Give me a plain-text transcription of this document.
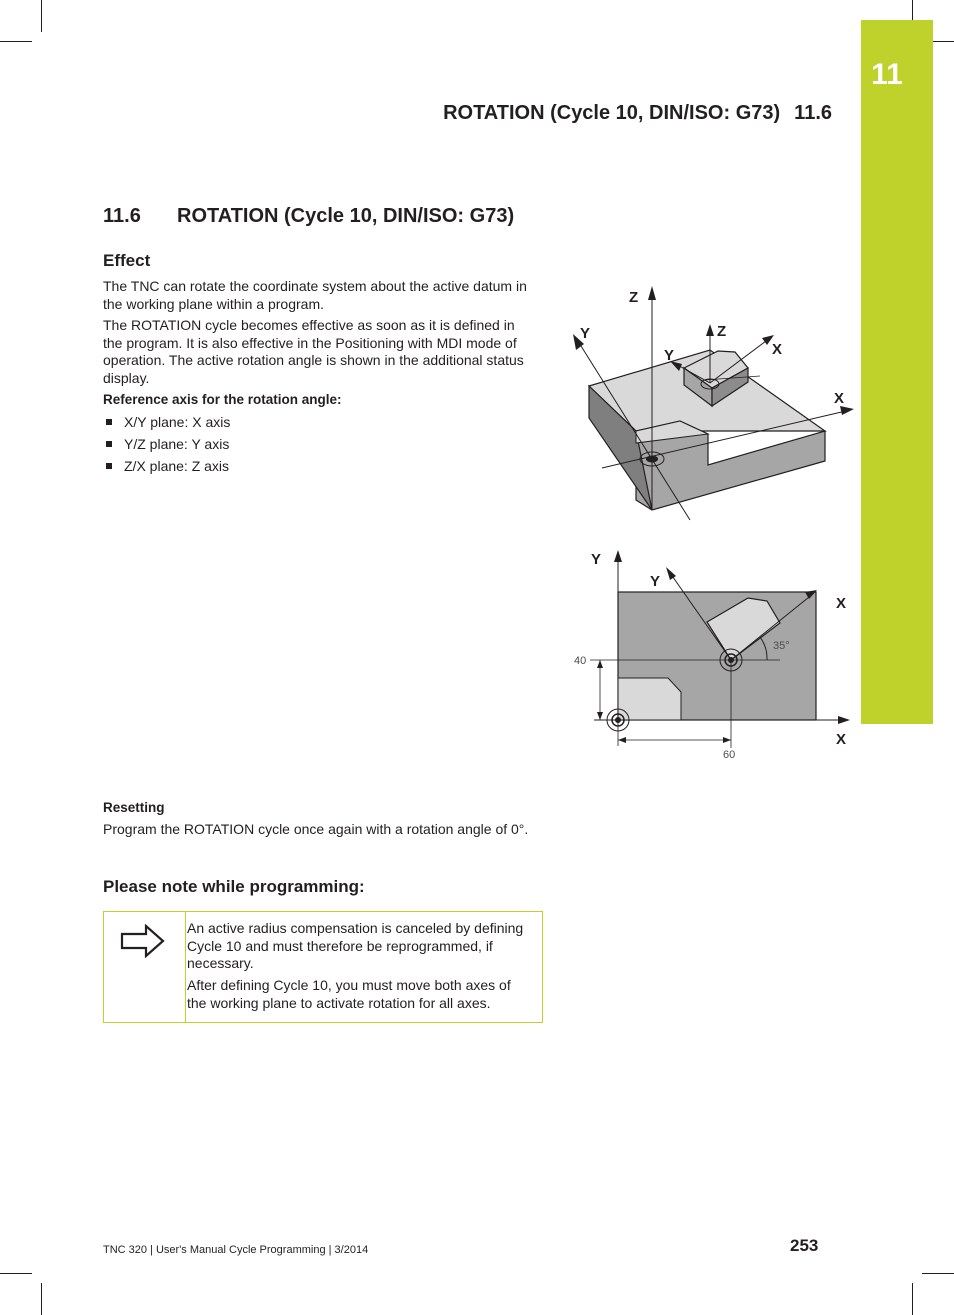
11
ROTATION (Cycle 10, DIN/ISO: G73) 11.6
11.6 ROTATION (Cycle 10, DIN/ISO: G73)
Effect
The TNC can rotate the coordinate system about the active datum in the working plane within a program.
The ROTATION cycle becomes effective as soon as it is defined in the program. It is also effective in the Positioning with MDI mode of operation. The active rotation angle is shown in the additional status display.
Reference axis for the rotation angle:
X/Y plane: X axis
Y/Z plane: Y axis
Z/X plane: Z axis
Z
Y	Z
Y	X
X
Y
Y
X
X
35°
40
60
Resetting
Program the ROTATION cycle once again with a rotation angle of 0°.
Please note while programming:
An active radius compensation is canceled by defining Cycle 10 and must therefore be reprogrammed, if necessary.
After defining Cycle 10, you must move both axes of the working plane to activate rotation for all axes.
TNC 320 | User's Manual Cycle Programming | 3/2014	253
